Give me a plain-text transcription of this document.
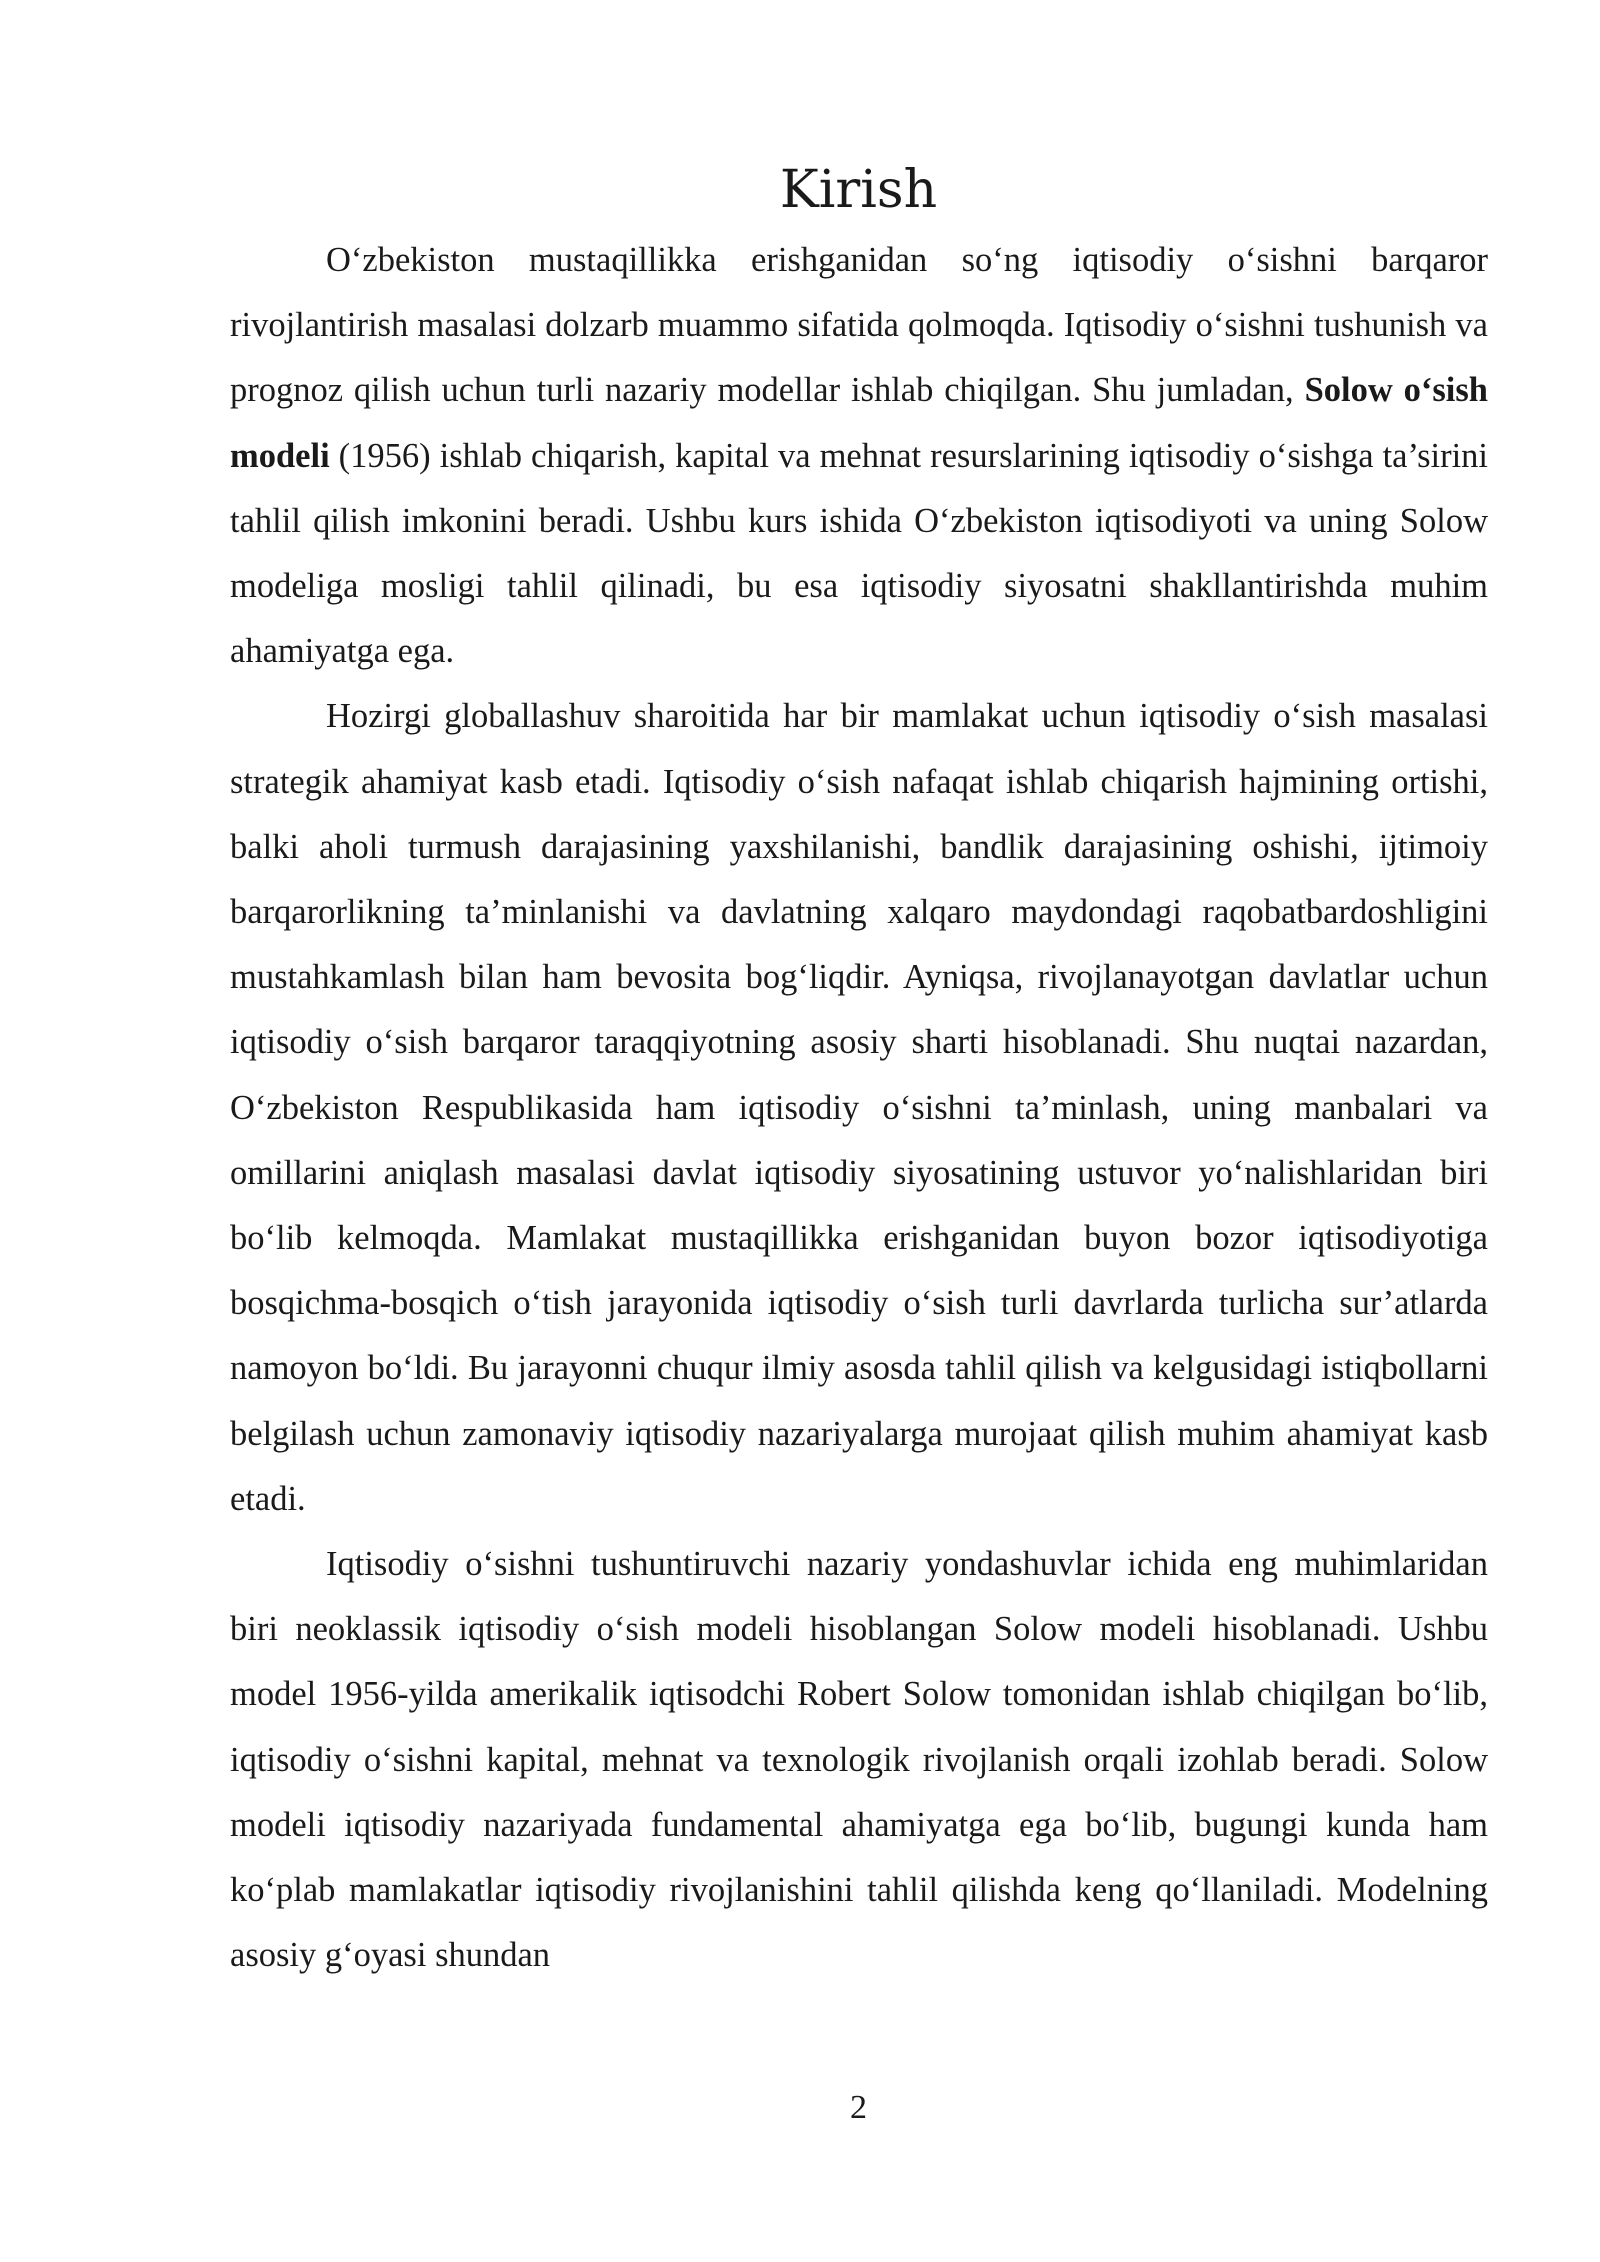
Kirish

O‘zbekiston mustaqillikka erishganidan so‘ng iqtisodiy o‘sishni barqaror rivojlantirish masalasi dolzarb muammo sifatida qolmoqda. Iqtisodiy o‘sishni tushunish va prognoz qilish uchun turli nazariy modellar ishlab chiqilgan. Shu jumladan, Solow o‘sish modeli (1956) ishlab chiqarish, kapital va mehnat resurslarining iqtisodiy o‘sishga ta’sirini tahlil qilish imkonini beradi. Ushbu kurs ishida O‘zbekiston iqtisodiyoti va uning Solow modeliga mosligi tahlil qilinadi, bu esa iqtisodiy siyosatni shakllantirishda muhim ahamiyatga ega.

Hozirgi globallashuv sharoitida har bir mamlakat uchun iqtisodiy o‘sish masalasi strategik ahamiyat kasb etadi. Iqtisodiy o‘sish nafaqat ishlab chiqarish hajmining ortishi, balki aholi turmush darajasining yaxshilanishi, bandlik darajasining oshishi, ijtimoiy barqarorlikning ta’minlanishi va davlatning xalqaro maydondagi raqobatbardoshligini mustahkamlash bilan ham bevosita bog‘liqdir. Ayniqsa, rivojlanayotgan davlatlar uchun iqtisodiy o‘sish barqaror taraqqiyotning asosiy sharti hisoblanadi. Shu nuqtai nazardan, O‘zbekiston Respublikasida ham iqtisodiy o‘sishni ta’minlash, uning manbalari va omillarini aniqlash masalasi davlat iqtisodiy siyosatining ustuvor yo‘nalishlaridan biri bo‘lib kelmoqda. Mamlakat mustaqillikka erishganidan buyon bozor iqtisodiyotiga bosqichma-bosqich o‘tish jarayonida iqtisodiy o‘sish turli davrlarda turlicha sur’atlarda namoyon bo‘ldi. Bu jarayonni chuqur ilmiy asosda tahlil qilish va kelgusidagi istiqbollarni belgilash uchun zamonaviy iqtisodiy nazariyalarga murojaat qilish muhim ahamiyat kasb etadi.

Iqtisodiy o‘sishni tushuntiruvchi nazariy yondashuvlar ichida eng muhimlaridan biri neoklassik iqtisodiy o‘sish modeli hisoblangan Solow modeli hisoblanadi. Ushbu model 1956-yilda amerikalik iqtisodchi Robert Solow tomonidan ishlab chiqilgan bo‘lib, iqtisodiy o‘sishni kapital, mehnat va texnologik rivojlanish orqali izohlab beradi. Solow modeli iqtisodiy nazariyada fundamental ahamiyatga ega bo‘lib, bugungi kunda ham ko‘plab mamlakatlar iqtisodiy rivojlanishini tahlil qilishda keng qo‘llaniladi. Modelning asosiy g‘oyasi shundan

2
